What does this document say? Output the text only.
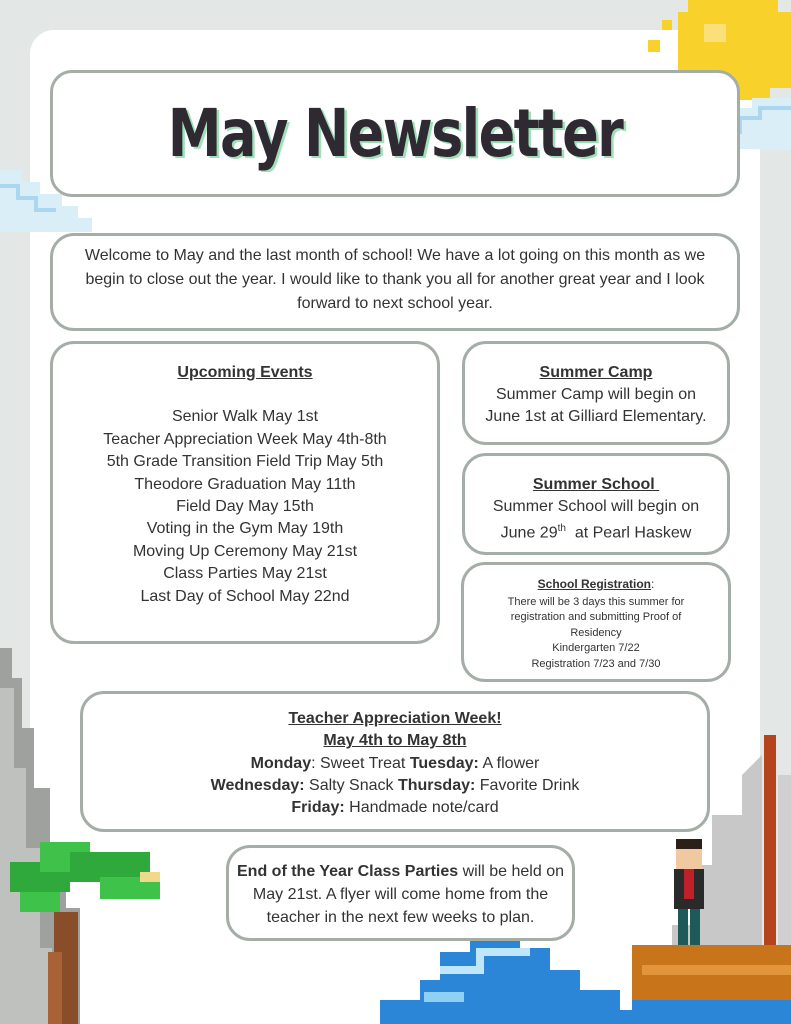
May Newsletter
Welcome to May and the last month of school! We have a lot going on this month as we begin to close out the year. I would like to thank you all for another great year and I look forward to next school year.
Upcoming Events
Senior Walk May 1st
Teacher Appreciation Week May 4th-8th
5th Grade Transition Field Trip May 5th
Theodore Graduation May 11th
Field Day May 15th
Voting in the Gym May 19th
Moving Up Ceremony May 21st
Class Parties May 21st
Last Day of School May 22nd
Summer Camp
Summer Camp will begin on
June 1st at Gilliard Elementary.
Summer School
Summer School will begin on
June 29th  at Pearl Haskew
School Registration:
There will be 3 days this summer for
registration and submitting Proof of
Residency
Kindergarten 7/22
Registration 7/23 and 7/30
Teacher Appreciation Week!
May 4th to May 8th
Monday: Sweet Treat Tuesday: A flower
Wednesday: Salty Snack Thursday: Favorite Drink
Friday: Handmade note/card
End of the Year Class Parties will be held on May 21st. A flyer will come home from the teacher in the next few weeks to plan.
